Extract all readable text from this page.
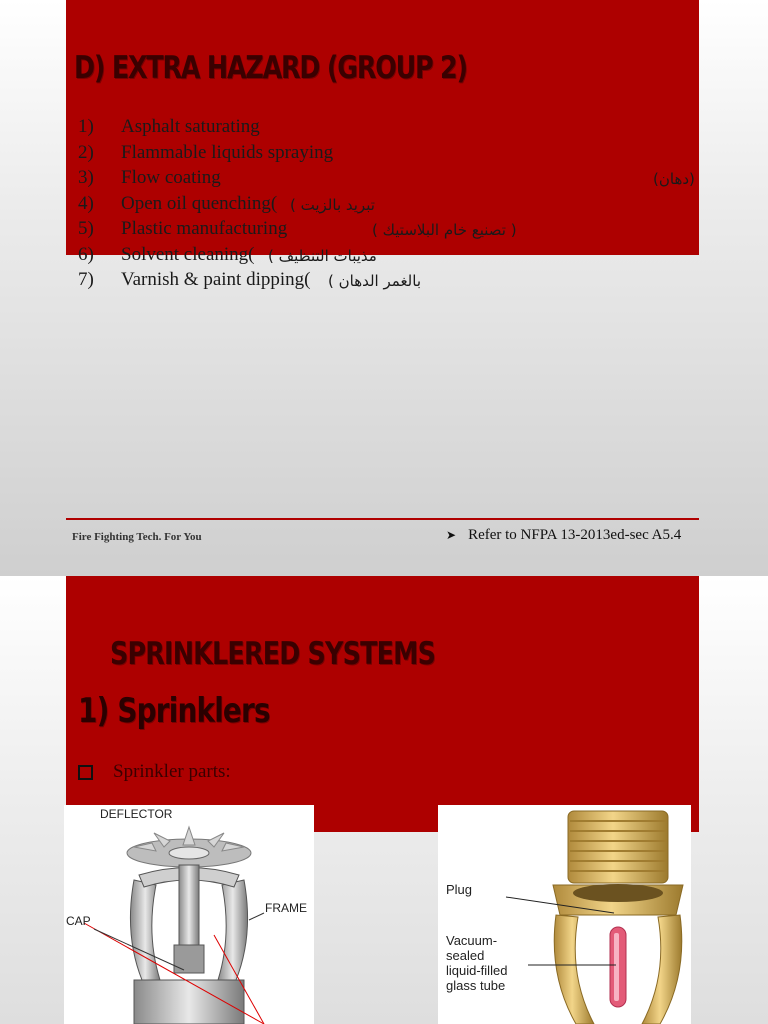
D) EXTRA HAZARD (GROUP 2)
1)	Asphalt saturating
2)	Flammable liquids spraying
3)	Flow coating	(دهان)
4)	Open oil quenching( تبريد بالزيت )
5)	Plastic manufacturing	( تصنيع خام البلاستيك )
6)	Solvent cleaning( مذيبات التنظيف )
7)	Varnish & paint dipping( بالغمر الدهان )

Fire Fighting Tech. For You	➤ Refer to NFPA 13-2013ed-sec A5.4
SPRINKLERED SYSTEMS
1) Sprinklers
Sprinkler parts:
DEFLECTOR
FRAME
CAP
Plug
Vacuum-
sealed
liquid-filled
glass tube
